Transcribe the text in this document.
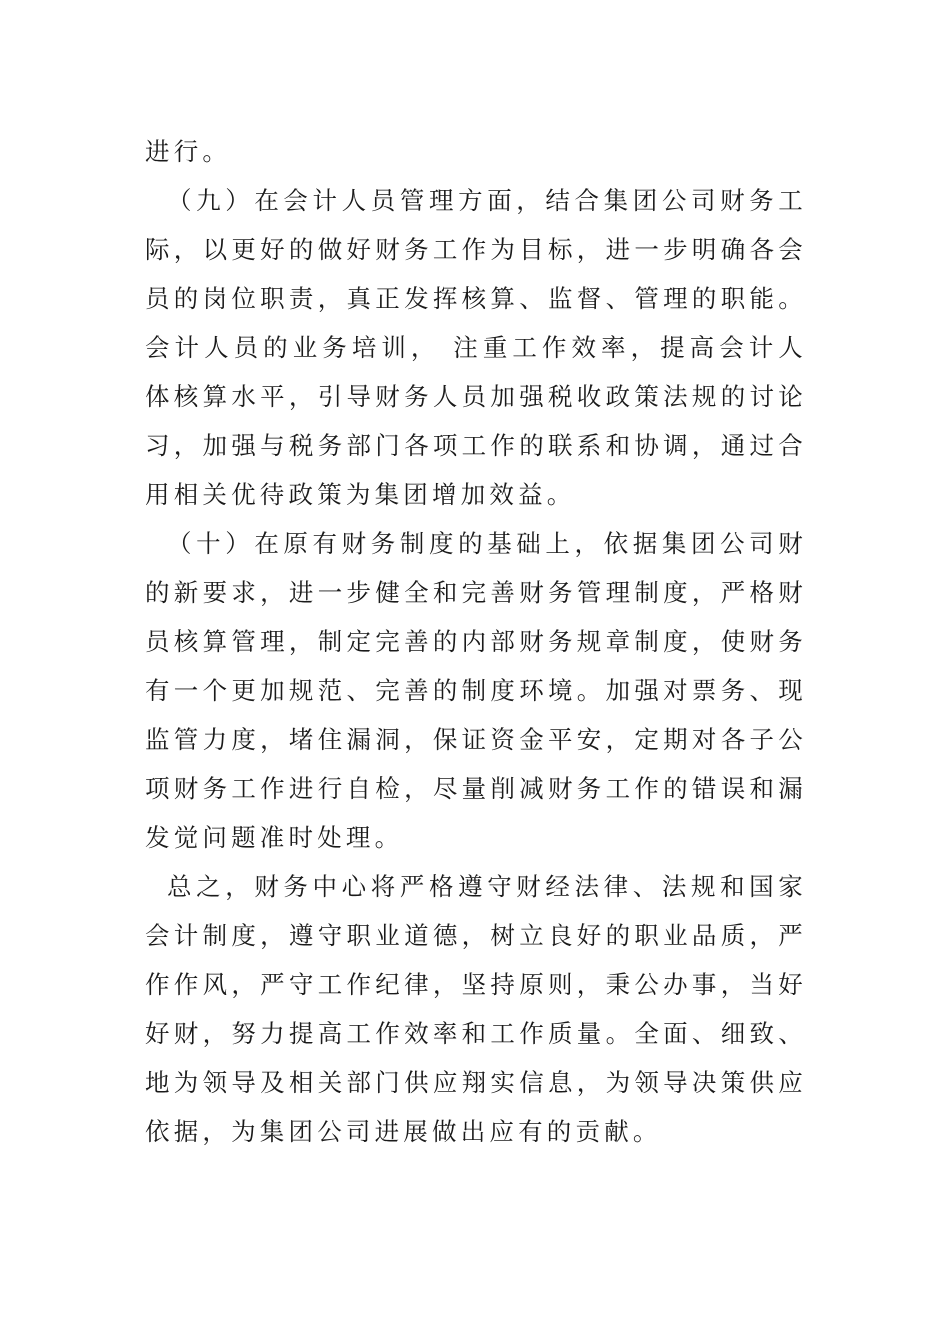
进行。
（九）在会计人员管理方面，结合集团公司财务工
际，以更好的做好财务工作为目标，进一步明确各会
员的岗位职责，真正发挥核算、监督、管理的职能。
会计人员的业务培训， 注重工作效率，提高会计人
体核算水平，引导财务人员加强税收政策法规的讨论
习，加强与税务部门各项工作的联系和协调，通过合
用相关优待政策为集团增加效益。
（十）在原有财务制度的基础上，依据集团公司财
的新要求，进一步健全和完善财务管理制度，严格财
员核算管理，制定完善的内部财务规章制度，使财务
有一个更加规范、完善的制度环境。加强对票务、现
监管力度，堵住漏洞，保证资金平安，定期对各子公
项财务工作进行自检，尽量削减财务工作的错误和漏
发觉问题准时处理。
总之，财务中心将严格遵守财经法律、法规和国家
会计制度，遵守职业道德，树立良好的职业品质，严
作作风，严守工作纪律，坚持原则，秉公办事，当好
好财，努力提高工作效率和工作质量。全面、细致、
地为领导及相关部门供应翔实信息，为领导决策供应
依据，为集团公司进展做出应有的贡献。
